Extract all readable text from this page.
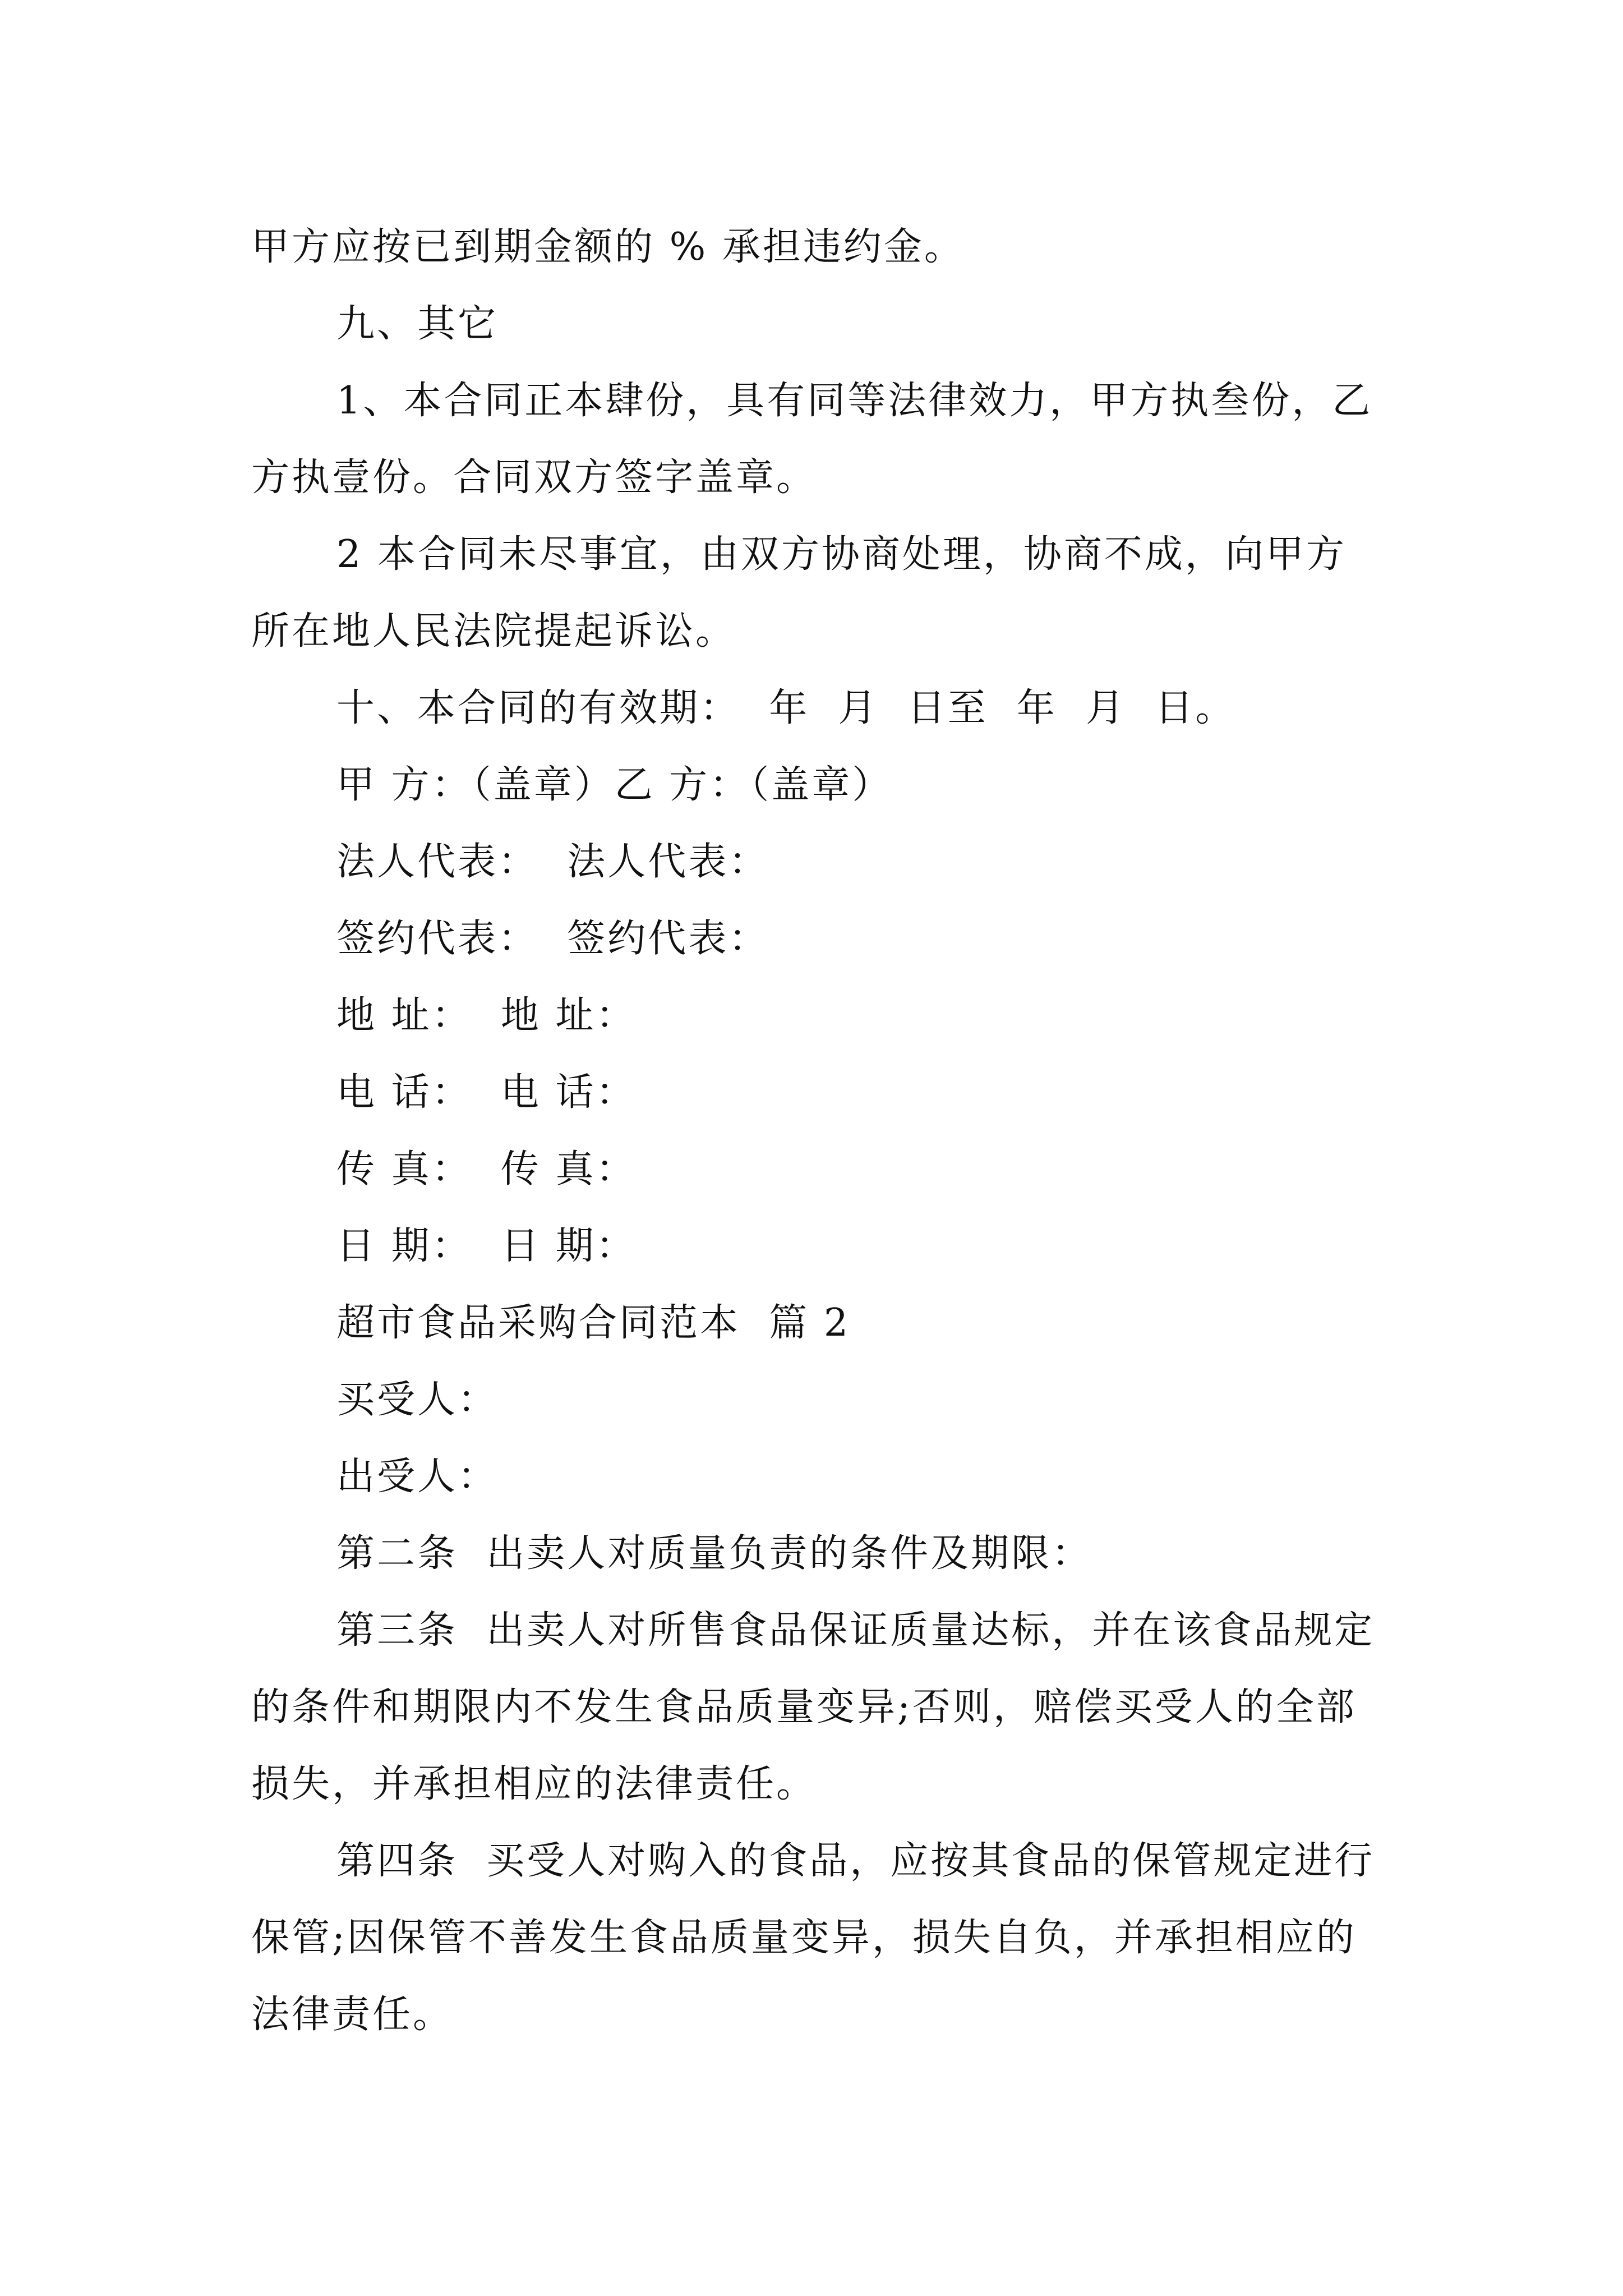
甲方应按已到期金额的 % 承担违约金。

九、其它

1、本合同正本肆份，具有同等法律效力，甲方执叁份，乙方执壹份。合同双方签字盖章。

2 本合同未尽事宜，由双方协商处理，协商不成，向甲方所在地人民法院提起诉讼。

十、本合同的有效期：  年  月  日至  年  月  日。

甲 方：（盖章）乙 方：（盖章）

法人代表：  法人代表：

签约代表：  签约代表：

地 址：  地 址：

电 话：  电 话：

传 真：  传 真：

日 期：  日 期：

超市食品采购合同范本  篇 2

买受人：

出受人：

第二条  出卖人对质量负责的条件及期限：

第三条  出卖人对所售食品保证质量达标，并在该食品规定的条件和期限内不发生食品质量变异;否则，赔偿买受人的全部损失，并承担相应的法律责任。

第四条  买受人对购入的食品，应按其食品的保管规定进行保管;因保管不善发生食品质量变异，损失自负，并承担相应的法律责任。
